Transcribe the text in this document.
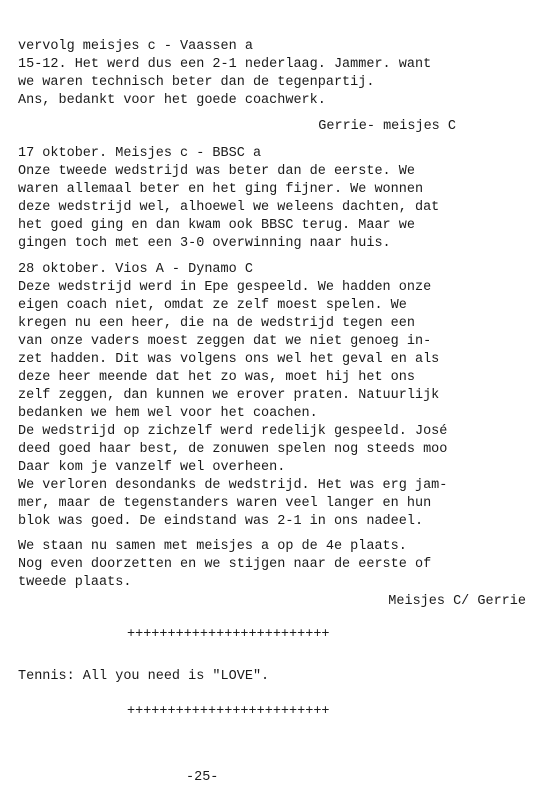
vervolg meisjes c - Vaassen a
15-12. Het werd dus een 2-1 nederlaag. Jammer. want
we waren technisch beter dan de tegenpartij.
Ans, bedankt voor het goede coachwerk.
Gerrie- meisjes C
17 oktober. Meisjes c - BBSC a
Onze tweede wedstrijd was beter dan de eerste. We
waren allemaal beter en het ging fijner. We wonnen
deze wedstrijd wel, alhoewel we weleens dachten, dat
het goed ging en dan kwam ook BBSC terug. Maar we
gingen toch met een 3-0 overwinning naar huis.
28 oktober. Vios A - Dynamo C
Deze wedstrijd werd in Epe gespeeld. We hadden onze
eigen coach niet, omdat ze zelf moest spelen. We
kregen nu een heer, die na de wedstrijd tegen een
van onze vaders moest zeggen dat we niet genoeg in-
zet hadden. Dit was volgens ons wel het geval en als
deze heer meende dat het zo was, moet hij het ons
zelf zeggen, dan kunnen we erover praten. Natuurlijk
bedanken we hem wel voor het coachen.
De wedstrijd op zichzelf werd redelijk gespeeld. José
deed goed haar best, de zonuwen spelen nog steeds moo
Daar kom je vanzelf wel overheen.
We verloren desondanks de wedstrijd. Het was erg jam-
mer, maar de tegenstanders waren veel langer en hun
blok was goed. De eindstand was 2-1 in ons nadeel.
We staan nu samen met meisjes a op de 4e plaats.
Nog even doorzetten en we stijgen naar de eerste of
tweede plaats.
Meisjes C/ Gerrie
+++++++++++++++++++++++++
Tennis: All you need is "LOVE".
+++++++++++++++++++++++++
-25-
